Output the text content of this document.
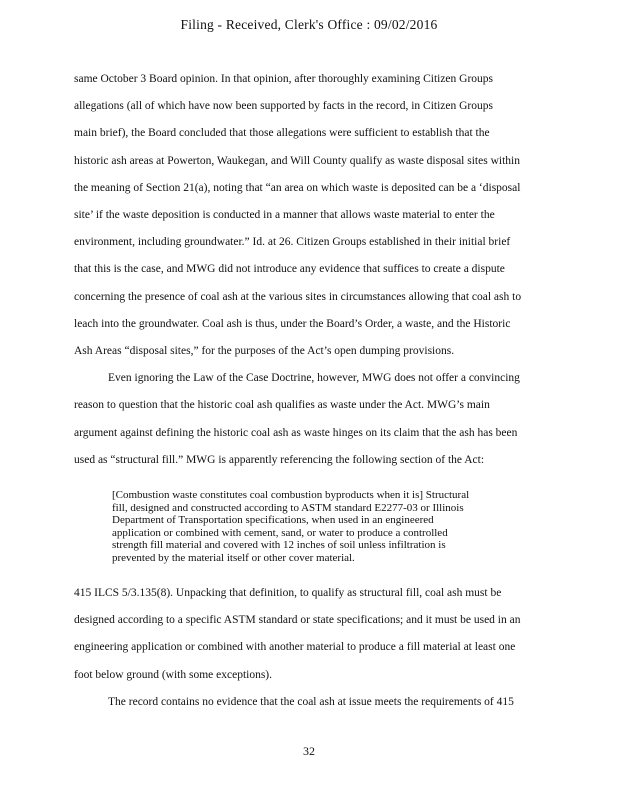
Filing - Received, Clerk's Office : 09/02/2016
same October 3 Board opinion. In that opinion, after thoroughly examining Citizen Groups
allegations (all of which have now been supported by facts in the record, in Citizen Groups
main brief), the Board concluded that those allegations were sufficient to establish that the
historic ash areas at Powerton, Waukegan, and Will County qualify as waste disposal sites within
the meaning of Section 21(a), noting that “an area on which waste is deposited can be a ‘disposal
site’ if the waste deposition is conducted in a manner that allows waste material to enter the
environment, including groundwater.” Id. at 26. Citizen Groups established in their initial brief
that this is the case, and MWG did not introduce any evidence that suffices to create a dispute
concerning the presence of coal ash at the various sites in circumstances allowing that coal ash to
leach into the groundwater. Coal ash is thus, under the Board’s Order, a waste, and the Historic
Ash Areas “disposal sites,” for the purposes of the Act’s open dumping provisions.
Even ignoring the Law of the Case Doctrine, however, MWG does not offer a convincing
reason to question that the historic coal ash qualifies as waste under the Act. MWG’s main
argument against defining the historic coal ash as waste hinges on its claim that the ash has been
used as “structural fill.” MWG is apparently referencing the following section of the Act:
[Combustion waste constitutes coal combustion byproducts when it is] Structural
fill, designed and constructed according to ASTM standard E2277-03 or Illinois
Department of Transportation specifications, when used in an engineered
application or combined with cement, sand, or water to produce a controlled
strength fill material and covered with 12 inches of soil unless infiltration is
prevented by the material itself or other cover material.
415 ILCS 5/3.135(8). Unpacking that definition, to qualify as structural fill, coal ash must be
designed according to a specific ASTM standard or state specifications; and it must be used in an
engineering application or combined with another material to produce a fill material at least one
foot below ground (with some exceptions).
The record contains no evidence that the coal ash at issue meets the requirements of 415
32
